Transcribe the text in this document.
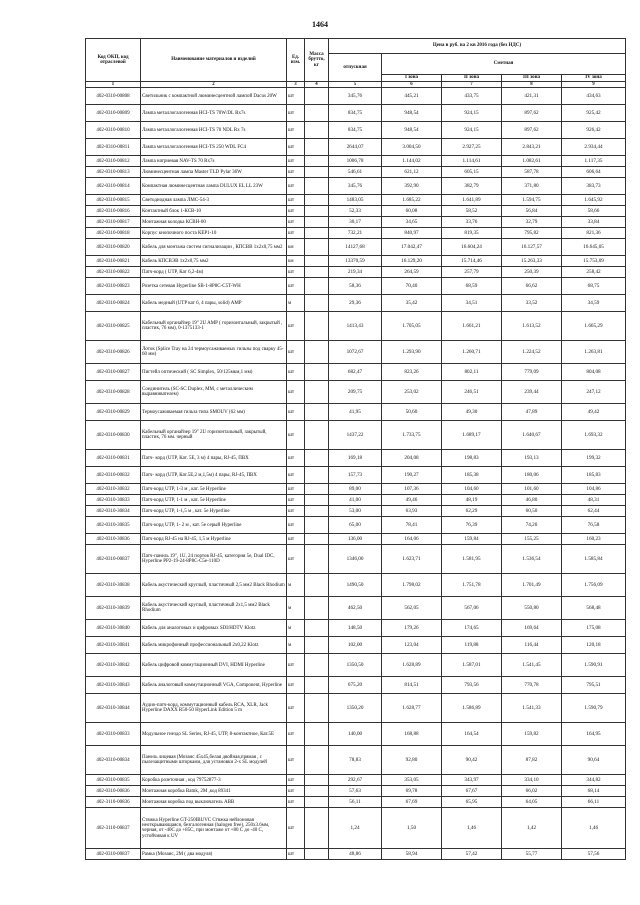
1464
Код ОКП, код отраслевой	Наименование материалов и изделий	Ед. изм.	Масса брутто, кг	Цена в руб. на 2 кв 2016 года (без НДС)				
				отпускная	Сметная			
					I зона	II зона	III зона	IV зона
1	2	3	4	5	6	7	8	9
402-0310-00808	Светильник с компактной люминесцентной лампой Dacus 20W	шт		345,76	445,21	433,75	421,31	434,63
402-0310-00809	Лампа металлогалогенная HCI-TS 70W/DL Rx7s	шт		834,75	948,54	924,15	897,62	925,42
402-0310-00810	Лампа металлогалогенная HCI-TS 70 NDL Rx 7s	шт		834,75	948,54	924,15	897,62	926,42
402-0310-00811	Лампа металлогалогенная HCI-TS 250 WDL FC4	шт		2644,07	3.004,50	2.927,25	2.843,21	2.934,44
402-0310-00812	Лампа натриевая NAV-TS 70 Rx7s	шт		1006,78	1.144,02	1.114,61	1.082,61	1.117,35
402-0310-00813	Люминесцентная лампа Master TLD Pylar 36W	шт		546,61	621,12	605,15	587,78	606,64
402-0310-00814	Компактная люминесцентная лампа DULUX EL LL 23W	шт		345,76	392,90	382,79	371,80	383,73
402-0310-00815	Светодиодная лампа ЛМС-54-3	шт		1483,05	1.685,22	1.641,89	1.594,75	1.645,92
402-0310-00816	Контактный блок 1-КСВ-10	шт		52,33	60,08	58,52	56,84	58,66
402-0310-00817	Монтажная колодка КСВН-00	шт		30,17	34,65	33,76	32,79	33,84
402-0310-00818	Корпус кнопочного поста КЕР1-10	шт		732,21	840,97	819,35	795,82	821,36
402-0310-00820	Кабель для монтажа систем сигнализации , КПСВВ 1х2х0,75 мм2	км		14127,68	17.042,47	16.604,24	16.127,57	16.645,05
402-0310-00821	Кабель КПСВЭВ 1х2х0,75 мм2	км		13370,59	16.129,20	15.714,46	15.263,33	15.753,09
402-0310-00822	Патч-корд ( UTP, Кат 6,2-4м)	шт		219,34	264,59	257,79	250,39	258,42
402-0310-00823	Розетка сетевая Hyperline SB-1-8P8C-C5T-WH	шт		58,36	70,40	68,59	66,62	68,75
402-0310-00824	Кабель медный (UTP кат 6, 4 пары, solid) AMP	м		29,36	35,42	34,51	33,52	34,59
402-0310-00825	Кабельный органайзер 19" 2U AMP ( горизонтальный, закрытый , пластик, 76 мм), 0-1375133-1	шт		1413,43	1.705,05	1.661,21	1.613,52	1.665,29
402-0310-00826	Лоток (Splice Tray на 24 термоусаживаемых гильзы под сварку 45-60 мм)	шт		1072,67	1.293,90	1.260,71	1.224,52	1.263,81
402-0310-00827	Пигтейл оптический ( SC Simplex, 50/125мкм,1 мм)	шт		682,47	823,26	802,11	779,09	804,08
402-0310-00828	Соединитель (SC-SC Duplex, ММ, с металлическим выравнивателем)	шт		209,75	253,02	246,51	239,44	247,12
402-0310-00829	Термоусаживаемая гильза типа SMOUV (62 мм)	шт		41,95	50,60	49,30	47,89	49,42
402-0310-00830	Кабельный органайзер 19" 2U горизонтальный, закрытый, пластик, 76 мм. черный	шт		1437,22	1.733,75	1.689,17	1.640,67	1.693,32
402-0310-00831	Патч- корд (UTP, Кат. 5Е, 3 м) 4 пары, RJ-45, ПВХ	шт		169,18	204,08	198,83	193,13	199,32
402-0310-00832	Патч- корд (UTP, Кат.5Е,2 м,1,5м) 4 пары, RJ-45, ПВХ	шт		157,73	190,27	185,38	180,06	185,83
402-0310-30832	Патч-корд UTP, 1-3 м , кат. 5е Hyperline	шт		89,00	107,36	104,60	101,60	104,86
402-0310-30833	Патч-корд UTP, 1-1 м , кат. 5е Hyperline	шт		41,00	49,46	48,19	46,80	48,31
402-0310-30834	Патч-корд UTP, 1-1,5 м , кат. 5е Hyperline	шт		53,00	63,93	62,29	60,50	62,44
402-0310-30835	Патч-корд UTP, 1- 2 м , кат. 5е серый Hyperline	шт		65,00	78,41	76,39	74,20	76,58
402-0310-30836	Патч-корд RJ-45 на RJ-45, 1,5 м Hyperline	шт		136,00	164,06	159,84	155,25	160,23
402-0310-00837	Патч-панель 19", 1U, 24 портов RJ-45, категория 5e, Dual IDC, Hyperline PP2-19-24-8P8C-C5e-110D	шт		1346,00	1.623,71	1.581,95	1.536,54	1.585,84
402-0310-30838	Кабель акустический круглый, пластичный 2,5 мм2 Black Rhodium	м		1490,50	1.798,02	1.751,78	1.701,49	1.756,09
402-0310-30839	Кабель акустический круглый, пластичный 2х1,5 мм2 Black Rhodium	м		462,50	562,05	567,06	550,80	568,48
402-0310-30840	Кабель для аналоговых и цифровых SDI/HDTV Klotz	м		148,50	179,26	174,65	169,64	175,08
402-0310-30841	Кабель микрофонный профессиональный 2х0,22 Klotz	м		102,00	123,04	119,88	116,44	120,18
402-0310-30842	Кабель цифровой коммутационный DVI, HDMI Hyperline	шт		1350,50	1.628,89	1.587,01	1.541,45	1.590,91
402-0310-30843	Кабель аналоговый коммутационный VGA, Component, Hyperline	шт		675,20	814,51	793,56	770,78	795,51
402-0310-30844	Аудио-патч-корд, коммутационный кабель RCA, XLR, Jack Hyperline DAXX R50-50 HyperLink Edition 5 m	шт		1350,20	1.628,77	1.586,89	1.541,33	1.590,79
402-0310-00833	Модульное гнездо SL Series, RJ-45, UTP, 8-контактное, Кат.5E	шт		140,00	168,88	164,54	159,82	164,95
402-0310-00834	Панель лицевая (Мозаис 45х45,белая двойная,прямая , с пылезащитными шторками, для установки 2-х SL модулей	шт		78,83	92,80	90,42	87,82	90,64
402-0310-00835	Коробка розеточная , код 79752877-3	шт		292,67	353,05	343,97	334,10	344,82
402-0310-00836	Монтажная коробка Batnk, 2M ,код 89341	шт		57,63	69,78	67,67	66,02	68,14
402-3110-00836	Монтажная коробка под выключатель ABB	шт		56,11	67,69	65,95	64,05	66,11
402-3110-00837	Стяжка Hyperline GT-250IBUVC Стяжка нейлоновая неоткрывающаяся, безгалогенная (halogen free), 250х3.6мм, черная, от -40С до +85С, при монтаже от +80 С до -40 С, устойчивая к UV	шт		1,24	1,50	1,46	1,42	1,46
402-0310-00837	Рамка (Мозаис, 2М ( два модуля)	шт		48,86	58,94	57,42	55,77	57,56
